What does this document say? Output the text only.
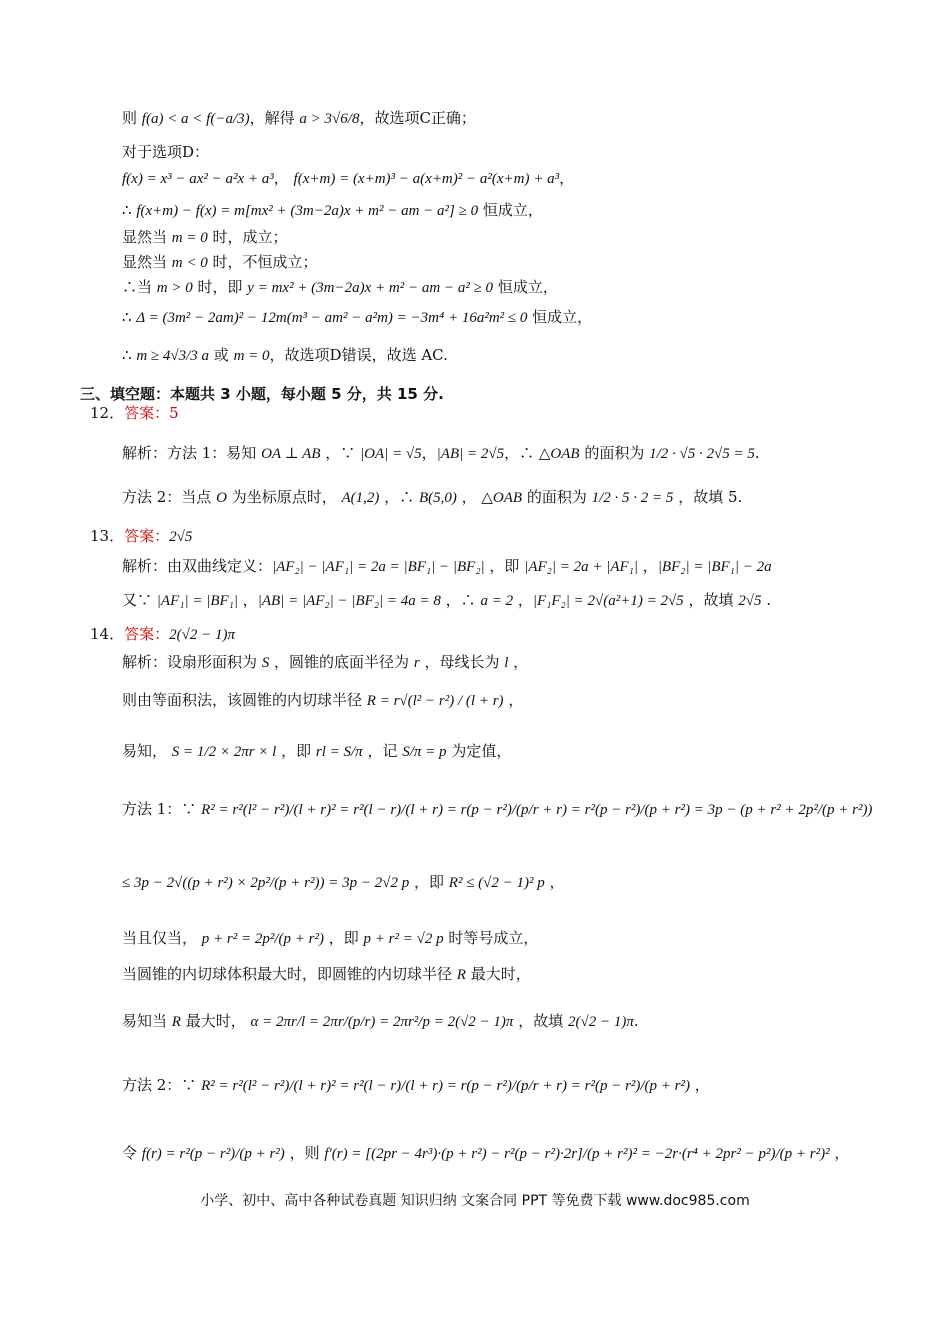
则 f(a) < a < f(−a/3)，解得 a > 3√6/8，故选项C正确；
对于选项D：
f(x) = x³ − ax² − a²x + a³， f(x+m) = (x+m)³ − a(x+m)² − a²(x+m) + a³，
∴ f(x+m) − f(x) = m[mx² + (3m−2a)x + m² − am − a²] ≥ 0 恒成立，
显然当 m = 0 时，成立；
显然当 m < 0 时，不恒成立；
∴当 m > 0 时，即 y = mx² + (3m−2a)x + m² − am − a² ≥ 0 恒成立，
∴ Δ = (3m² − 2am)² − 12m(m³ − am² − a²m) = −3m⁴ + 16a²m² ≤ 0 恒成立，
∴ m ≥ 4√3/3 a 或 m = 0，故选项D错误，故选 AC.
三、填空题：本题共 3 小题，每小题 5 分，共 15 分.
12．答案：5
解析：方法 1：易知 OA ⊥ AB ，∵ |OA| = √5，|AB| = 2√5，∴ △OAB 的面积为 1/2 · √5 · 2√5 = 5.
方法 2：当点 O 为坐标原点时， A(1,2) ，∴ B(5,0) ， △OAB 的面积为 1/2 · 5 · 2 = 5 ，故填 5.
13．答案：2√5
解析：由双曲线定义：|AF₂| − |AF₁| = 2a = |BF₁| − |BF₂| ，即 |AF₂| = 2a + |AF₁| ，|BF₂| = |BF₁| − 2a
又∵ |AF₁| = |BF₁| ，|AB| = |AF₂| − |BF₂| = 4a = 8 ，∴ a = 2 ，|F₁F₂| = 2√(a²+1) = 2√5 ，故填 2√5 .
14．答案：2(√2 − 1)π
解析：设扇形面积为 S ，圆锥的底面半径为 r ，母线长为 l ，
则由等面积法，该圆锥的内切球半径 R = r√(l² − r²) / (l + r) ，
易知， S = 1/2 × 2πr × l ，即 rl = S/π ，记 S/π = p 为定值，
方法 1：∵ R² = r²(l² − r²)/(l + r)² = r²(l − r)/(l + r) = r(p − r²)/(p/r + r) = r²(p − r²)/(p + r²) = 3p − (p + r² + 2p²/(p + r²))
≤ 3p − 2√((p + r²) × 2p²/(p + r²)) = 3p − 2√2 p ，即 R² ≤ (√2 − 1)² p ，
当且仅当， p + r² = 2p²/(p + r²) ，即 p + r² = √2 p 时等号成立，
当圆锥的内切球体积最大时，即圆锥的内切球半径 R 最大时，
易知当 R 最大时， α = 2πr/l = 2πr/(p/r) = 2πr²/p = 2(√2 − 1)π ，故填 2(√2 − 1)π.
方法 2：∵ R² = r²(l² − r²)/(l + r)² = r²(l − r)/(l + r) = r(p − r²)/(p/r + r) = r²(p − r²)/(p + r²) ，
令 f(r) = r²(p − r²)/(p + r²) ，则 f′(r) = [(2pr − 4r³)·(p + r²) − r²(p − r²)·2r]/(p + r²)² = −2r·(r⁴ + 2pr² − p²)/(p + r²)² ，
小学、初中、高中各种试卷真题 知识归纳 文案合同 PPT 等免费下载 www.doc985.com
